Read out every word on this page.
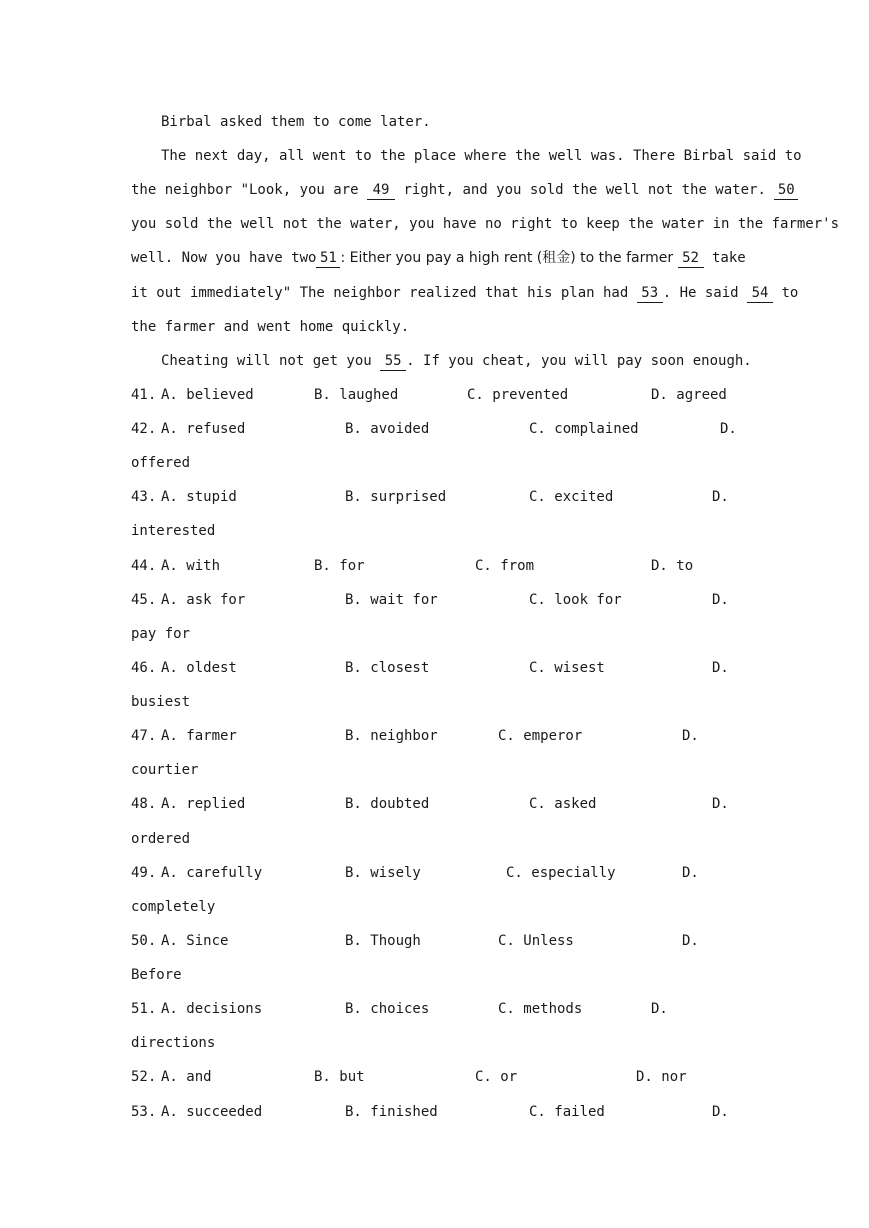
Birbal asked them to come later.
The next day, all went to the place where the well was. There Birbal said to
the neighbor "Look, you are 49 right, and you sold the well not the water. 50
you sold the well not the water, you have no right to keep the water in the farmer's
well. Now you have two 51 : Either you pay a high rent (租金) to the farmer 52 take
it out immediately" The neighbor realized that his plan had 53 . He said 54 to
the farmer and went home quickly.
Cheating will not get you 55 . If you cheat, you will pay soon enough.
41. A. believed	B. laughed	C. prevented	D. agreed
42. A. refused	B. avoided	C. complained	D.
offered
43. A. stupid	B. surprised	C. excited	D.
interested
44. A. with	B. for	C. from	D. to
45. A. ask for	B. wait for	C. look for	D.
pay for
46. A. oldest	B. closest	C. wisest	D.
busiest
47. A. farmer	B. neighbor	C. emperor	D.
courtier
48. A. replied	B. doubted	C. asked	D.
ordered
49. A. carefully	B. wisely	C. especially	D.
completely
50. A. Since	B. Though	C. Unless	D.
Before
51. A. decisions	B. choices	C. methods	D.
directions
52. A. and	B. but	C. or	D. nor
53. A. succeeded	B. finished	C. failed	D.
